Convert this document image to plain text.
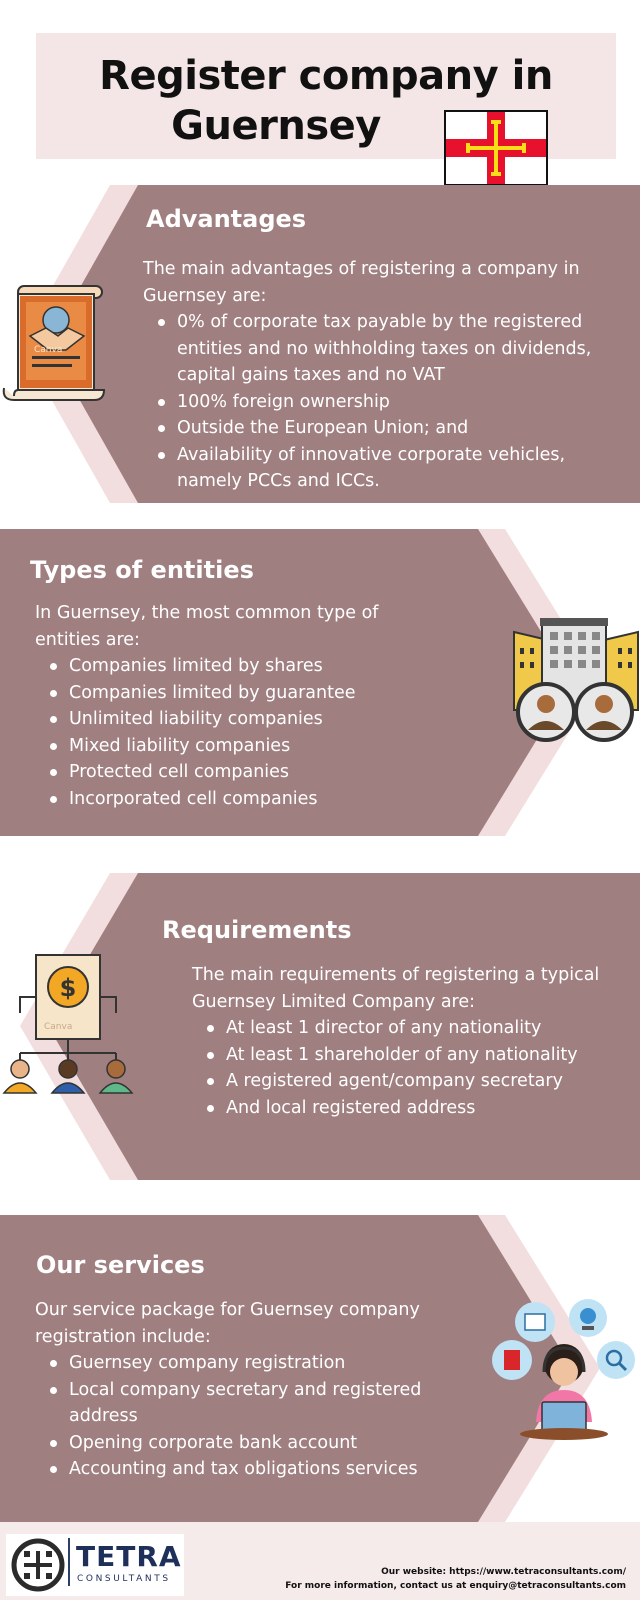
Register company in
Guernsey
Canva
Advantages
The main advantages of registering a company in Guernsey are:
0% of corporate tax payable by the registered entities and no withholding taxes on dividends, capital gains taxes and no VAT
100% foreign ownership
Outside the European Union; and
Availability of innovative corporate vehicles, namely PCCs and ICCs.
Types of entities
In Guernsey, the most common type of entities are:
Companies limited by shares
Companies limited by guarantee
Unlimited liability companies
Mixed liability companies
Protected cell companies
Incorporated cell companies
$
Canva
Requirements
The main requirements of registering a typical Guernsey Limited Company are:
At least 1 director of any nationality
At least 1 shareholder of any nationality
A registered agent/company secretary
And local registered address
Our services
Our service package for Guernsey company registration include:
Guernsey company registration
Local company secretary and registered address
Opening corporate bank account
Accounting and tax obligations services
TETRA
CONSULTANTS
Our website: https://www.tetraconsultants.com/
For more information, contact us at enquiry@tetraconsultants.com
